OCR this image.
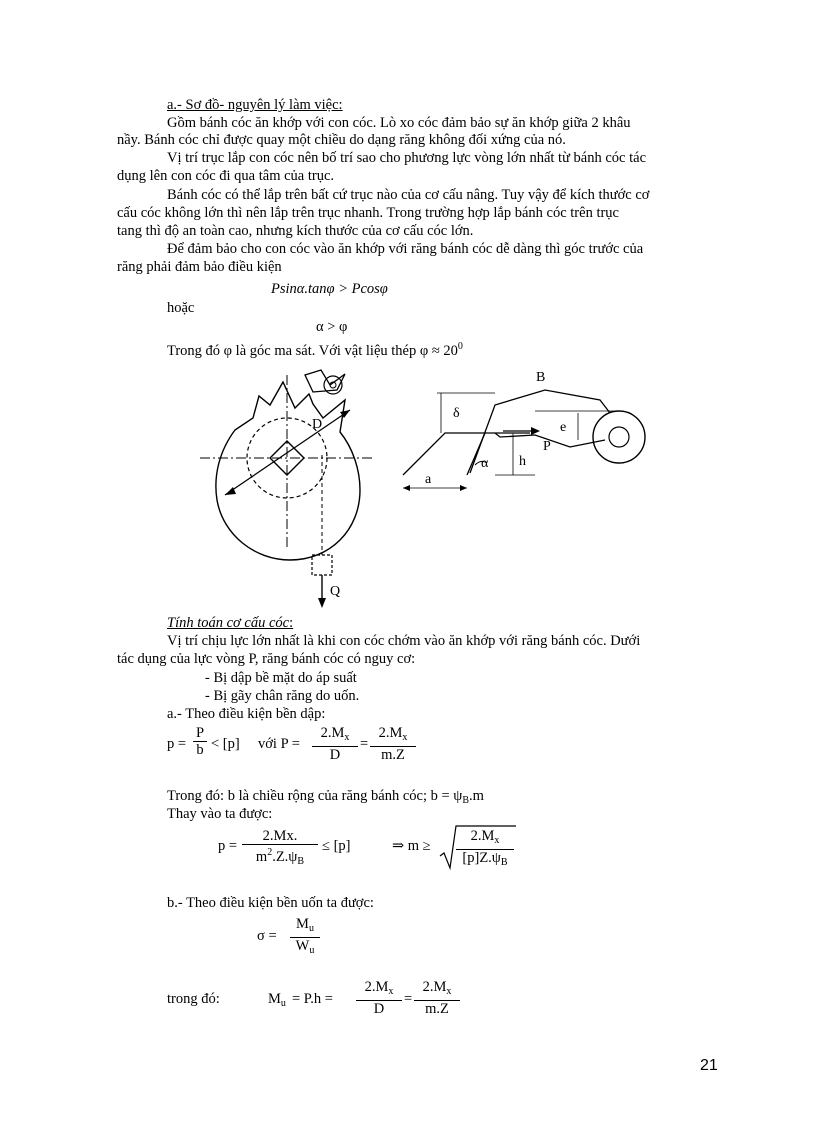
a.- Sơ đồ- nguyên lý làm việc:
Gồm bánh cóc ăn khớp với con cóc. Lò xo cóc đảm bảo sự ăn khớp giữa 2 khâu
nầy. Bánh cóc chỉ được quay một chiều do dạng răng không đối xứng của nó.
Vị trí trục lắp con cóc nên bố trí sao cho phương lực vòng lớn nhất từ bánh cóc tác
dụng lên con cóc đi qua tâm của trục.
Bánh cóc có thể lắp trên bất cứ trục nào của cơ cấu nâng. Tuy vậy để kích thước cơ
cấu cóc không lớn thì nên lắp trên trục nhanh. Trong trường hợp lắp bánh cóc trên trục
tang thì độ an toàn cao, nhưng kích thước của cơ cấu cóc lớn.
Để đảm bảo cho con cóc vào ăn khớp với răng bánh cóc dễ dàng thì góc trước của
răng phải đảm bảo điều kiện
Psinα.tanφ > Pcosφ
hoặc
α > φ
Trong đó φ là góc ma sát. Với vật liệu thép $\varphi \approx 20^0$
D
Q
B
δ
e
P
α h
a
Tính toán cơ cấu cóc:
Vị trí chịu lực lớn nhất là khi con cóc chớm vào ăn khớp với răng bánh cóc. Dưới
tác dụng của lực vòng P, răng bánh cóc có nguy cơ:
- Bị dập bề mặt do áp suất
- Bị gãy chân răng do uốn.
a.- Theo điều kiện bền dập:
p =
P
b < [p] với P =
$2.M_x$
D
=
$2.M_x$
m.Z
Trong đó: b là chiều rộng của răng bánh cóc; $b = \psi_B.m$
Thay vào ta được:
p =
2.Mx.
$m^2.Z.\psi_B$
≤ [p]	⇒ m ≥
$2.M_x$
$[p]Z.\psi_B$
b.- Theo điều kiện bền uốn ta được:
σ =
$M_u$
$W_u$
trong đó:	$M_u = P.h$ =
$2.M_x$
D
=
$2.M_x$
m.Z
21
